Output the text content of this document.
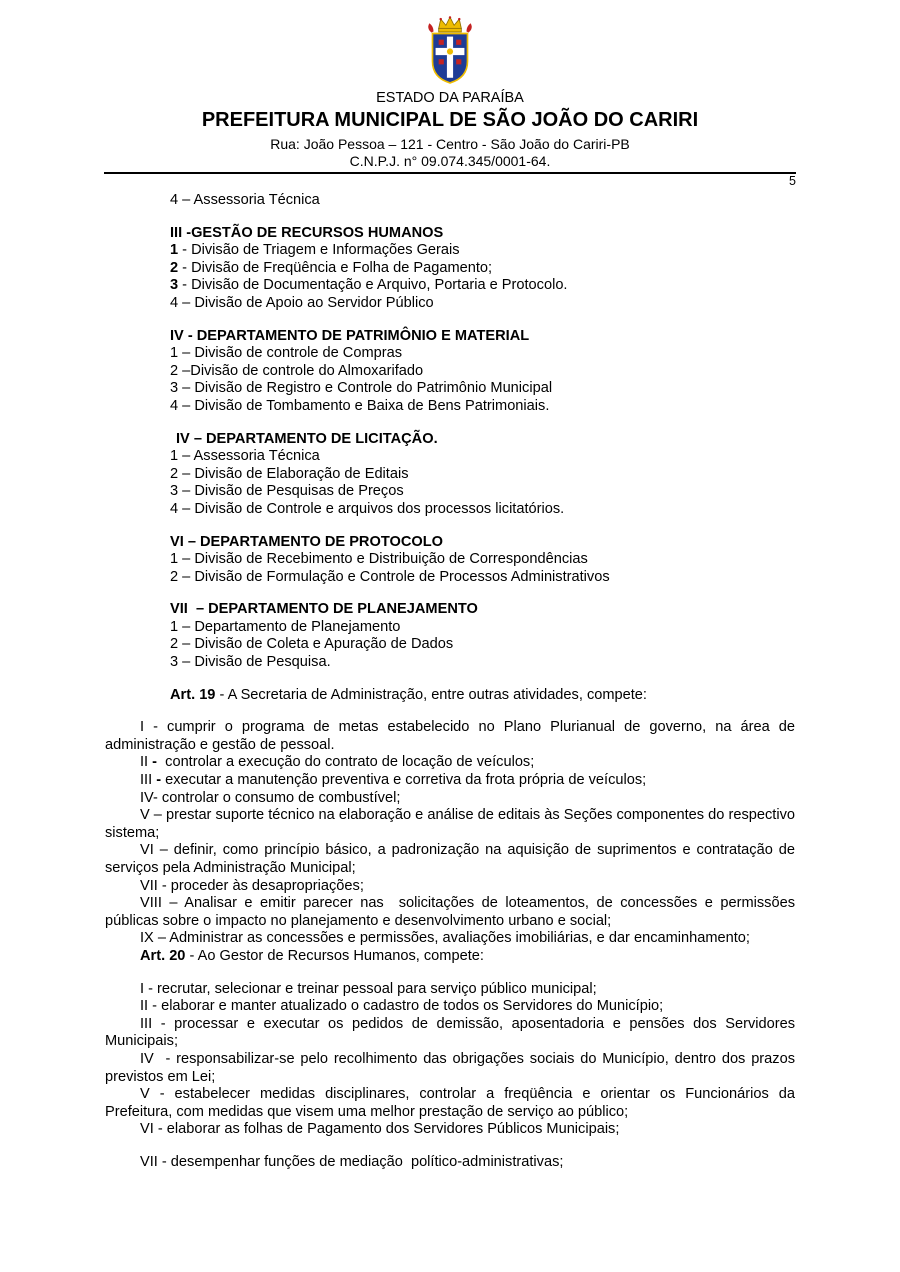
ESTADO DA PARAÍBA
PREFEITURA MUNICIPAL DE SÃO JOÃO DO CARIRI
Rua: João Pessoa – 121 - Centro - São João do Cariri-PB
C.N.P.J. n° 09.074.345/0001-64.
5
4 – Assessoria Técnica
III -GESTÃO DE RECURSOS HUMANOS
1 - Divisão de Triagem e Informações Gerais
2 - Divisão de Freqüência e Folha de Pagamento;
3 - Divisão de Documentação e Arquivo, Portaria e Protocolo.
4 – Divisão de Apoio ao Servidor Público
IV - DEPARTAMENTO DE PATRIMÔNIO E MATERIAL
1 – Divisão de controle de Compras
2 –Divisão de controle do Almoxarifado
3 – Divisão de Registro e Controle do Patrimônio Municipal
4 – Divisão de Tombamento e Baixa de Bens Patrimoniais.
IV – DEPARTAMENTO DE LICITAÇÃO.
1 – Assessoria Técnica
2 – Divisão de Elaboração de Editais
3 – Divisão de Pesquisas de Preços
4 – Divisão de Controle e arquivos dos processos licitatórios.
VI – DEPARTAMENTO DE PROTOCOLO
1 – Divisão de Recebimento e Distribuição de Correspondências
2 – Divisão de Formulação e Controle de Processos Administrativos
VII  – DEPARTAMENTO DE PLANEJAMENTO
1 – Departamento de Planejamento
2 – Divisão de Coleta e Apuração de Dados
3 – Divisão de Pesquisa.
Art. 19 - A Secretaria de Administração, entre outras atividades, compete:
I - cumprir o programa de metas estabelecido no Plano Plurianual de governo, na área de administração e gestão de pessoal.
II -  controlar a execução do contrato de locação de veículos;
III - executar a manutenção preventiva e corretiva da frota própria de veículos;
IV- controlar o consumo de combustível;
V – prestar suporte técnico na elaboração e análise de editais às Seções componentes do respectivo sistema;
VI – definir, como princípio básico, a padronização na aquisição de suprimentos e contratação de serviços pela Administração Municipal;
VII - proceder às desapropriações;
VIII – Analisar e emitir parecer nas  solicitações de loteamentos, de concessões e permissões públicas sobre o impacto no planejamento e desenvolvimento urbano e social;
IX – Administrar as concessões e permissões, avaliações imobiliárias, e dar encaminhamento;
Art. 20 - Ao Gestor de Recursos Humanos, compete:
I - recrutar, selecionar e treinar pessoal para serviço público municipal;
II - elaborar e manter atualizado o cadastro de todos os Servidores do Município;
III - processar e executar os pedidos de demissão, aposentadoria e pensões dos Servidores Municipais;
IV  - responsabilizar-se pelo recolhimento das obrigações sociais do Município, dentro dos prazos previstos em Lei;
V - estabelecer medidas disciplinares, controlar a freqüência e orientar os Funcionários da Prefeitura, com medidas que visem uma melhor prestação de serviço ao público;
VI - elaborar as folhas de Pagamento dos Servidores Públicos Municipais;
VII - desempenhar funções de mediação  político-administrativas;
